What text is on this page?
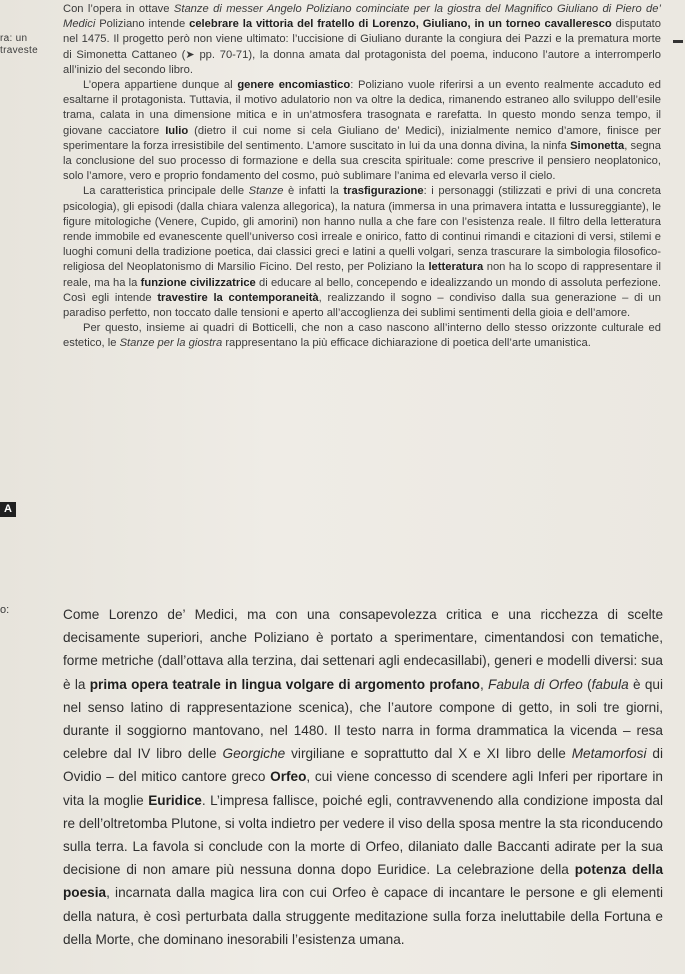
ra: un
traveste
A
o:

Con l’opera in ottave Stanze di messer Angelo Poliziano cominciate per la giostra del Magnifico Giuliano di Piero de’ Medici Poliziano intende celebrare la vittoria del fratello di Lorenzo, Giuliano, in un torneo cavalleresco disputato nel 1475. Il progetto però non viene ultimato: l’uccisione di Giuliano durante la congiura dei Pazzi e la prematura morte di Simonetta Cattaneo (➤ pp. 70-71), la donna amata dal protagonista del poema, inducono l’autore a interromperlo all’inizio del secondo libro.

L’opera appartiene dunque al genere encomiastico: Poliziano vuole riferirsi a un evento realmente accaduto ed esaltarne il protagonista. Tuttavia, il motivo adulatorio non va oltre la dedica, rimanendo estraneo allo sviluppo dell’esile trama, calata in una dimensione mitica e in un’atmosfera trasognata e rarefatta. In questo mondo senza tempo, il giovane cacciatore Iulio (dietro il cui nome si cela Giuliano de’ Medici), inizialmente nemico d’amore, finisce per sperimentare la forza irresistibile del sentimento. L’amore suscitato in lui da una donna divina, la ninfa Simonetta, segna la conclusione del suo processo di formazione e della sua crescita spirituale: come prescrive il pensiero neoplatonico, solo l’amore, vero e proprio fondamento del cosmo, può sublimare l’anima ed elevarla verso il cielo.

La caratteristica principale delle Stanze è infatti la trasfigurazione: i personaggi (stilizzati e privi di una concreta psicologia), gli episodi (dalla chiara valenza allegorica), la natura (immersa in una primavera intatta e lussureggiante), le figure mitologiche (Venere, Cupido, gli amorini) non hanno nulla a che fare con l’esistenza reale. Il filtro della letteratura rende immobile ed evanescente quell’universo così irreale e onirico, fatto di continui rimandi e citazioni di versi, stilemi e luoghi comuni della tradizione poetica, dai classici greci e latini a quelli volgari, senza trascurare la simbologia filosofico-religiosa del Neoplatonismo di Marsilio Ficino. Del resto, per Poliziano la letteratura non ha lo scopo di rappresentare il reale, ma ha la funzione civilizzatrice di educare al bello, concependo e idealizzando un mondo di assoluta perfezione. Così egli intende travestire la contemporaneità, realizzando il sogno – condiviso dalla sua generazione – di un paradiso perfetto, non toccato dalle tensioni e aperto all’accoglienza dei sublimi sentimenti della gioia e dell’amore.

Per questo, insieme ai quadri di Botticelli, che non a caso nascono all’interno dello stesso orizzonte culturale ed estetico, le Stanze per la giostra rappresentano la più efficace dichiarazione di poetica dell’arte umanistica.

Come Lorenzo de’ Medici, ma con una consapevolezza critica e una ricchezza di scelte decisamente superiori, anche Poliziano è portato a sperimentare, cimentandosi con tematiche, forme metriche (dall’ottava alla terzina, dai settenari agli endecasillabi), generi e modelli diversi: sua è la prima opera teatrale in lingua volgare di argomento profano, Fabula di Orfeo (fabula è qui nel senso latino di rappresentazione scenica), che l’autore compone di getto, in soli tre giorni, durante il soggiorno mantovano, nel 1480. Il testo narra in forma drammatica la vicenda – resa celebre dal IV libro delle Georgiche virgiliane e soprattutto dal X e XI libro delle Metamorfosi di Ovidio – del mitico cantore greco Orfeo, cui viene concesso di scendere agli Inferi per riportare in vita la moglie Euridice. L’impresa fallisce, poiché egli, contravvenendo alla condizione imposta dal re dell’oltretomba Plutone, si volta indietro per vedere il viso della sposa mentre la sta riconducendo sulla terra. La favola si conclude con la morte di Orfeo, dilaniato dalle Baccanti adirate per la sua decisione di non amare più nessuna donna dopo Euridice. La celebrazione della potenza della poesia, incarnata dalla magica lira con cui Orfeo è capace di incantare le persone e gli elementi della natura, è così perturbata dalla struggente meditazione sulla forza ineluttabile della Fortuna e della Morte, che dominano inesorabili l’esistenza umana.
